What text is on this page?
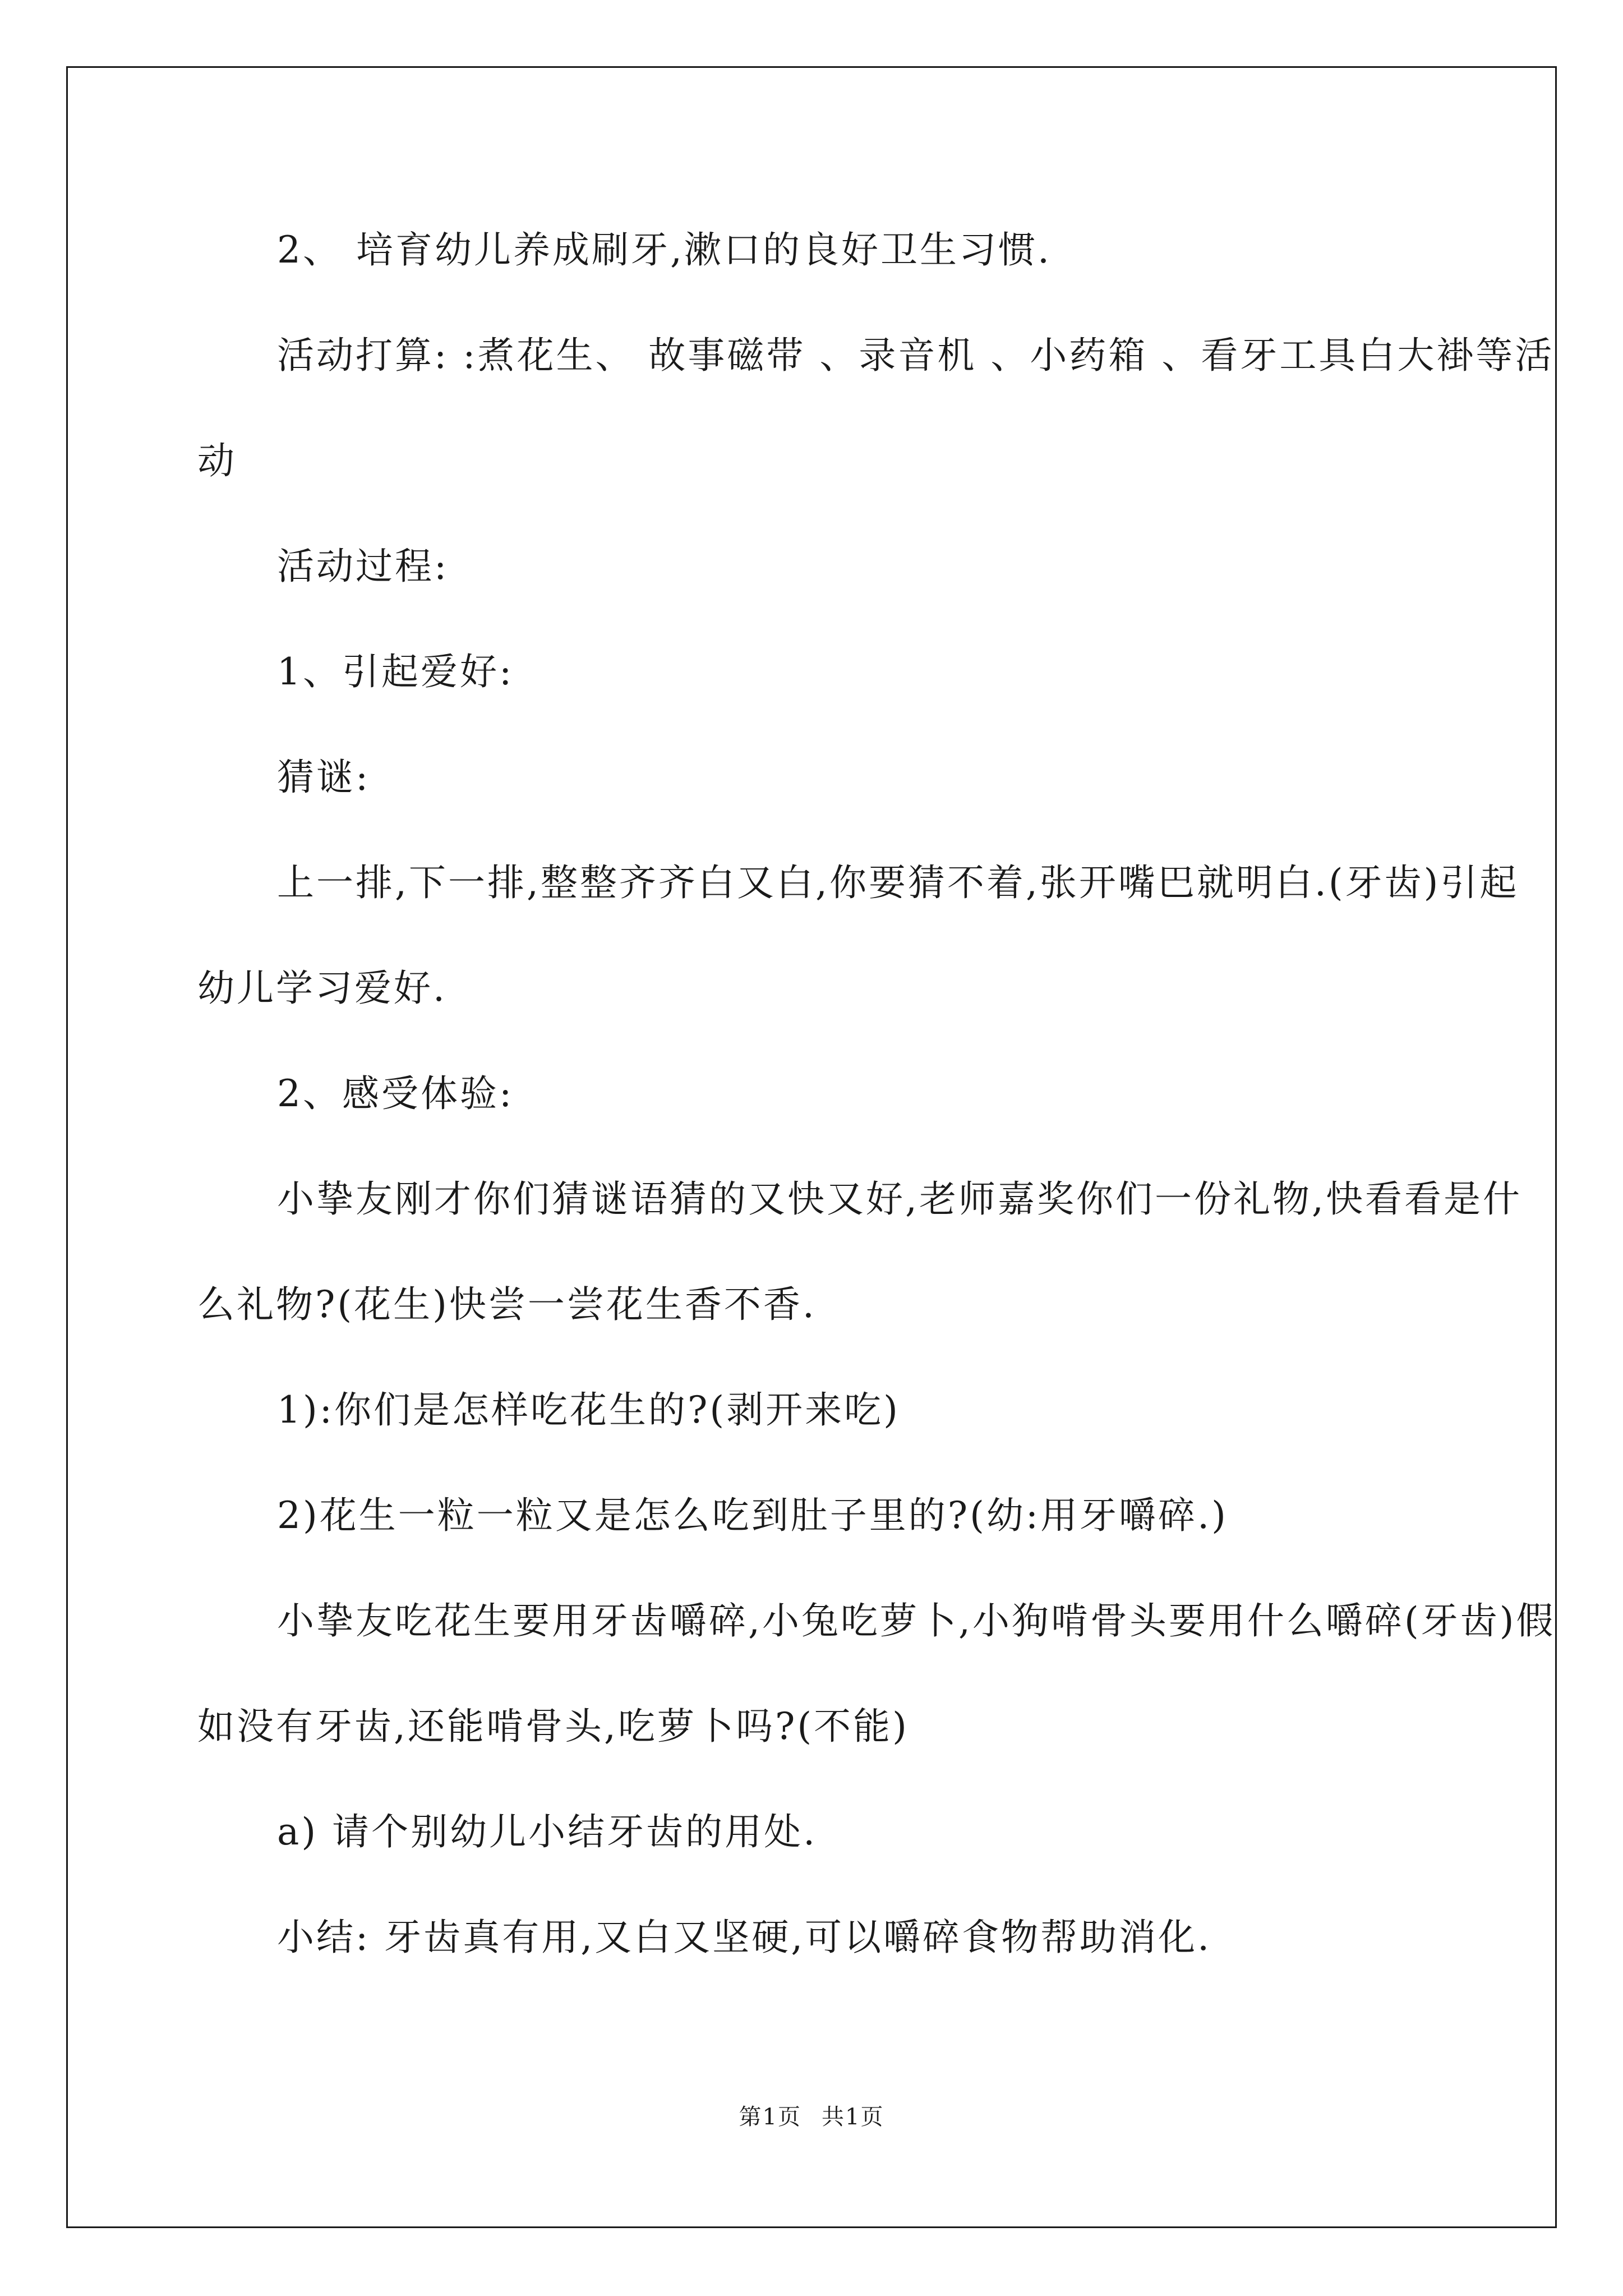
2、 培育幼儿养成刷牙,漱口的良好卫生习惯.

活动打算: :煮花生、 故事磁带 、录音机 、小药箱 、看牙工具白大褂等活动

活动过程:

1、引起爱好:

猜谜:

上一排,下一排,整整齐齐白又白,你要猜不着,张开嘴巴就明白.(牙齿)引起幼儿学习爱好.

2、感受体验:

小挚友刚才你们猜谜语猜的又快又好,老师嘉奖你们一份礼物,快看看是什么礼物?(花生)快尝一尝花生香不香.

1):你们是怎样吃花生的?(剥开来吃)

2)花生一粒一粒又是怎么吃到肚子里的?(幼:用牙嚼碎.)

小挚友吃花生要用牙齿嚼碎,小兔吃萝卜,小狗啃骨头要用什么嚼碎(牙齿)假如没有牙齿,还能啃骨头,吃萝卜吗?(不能)

a) 请个别幼儿小结牙齿的用处.

小结: 牙齿真有用,又白又坚硬,可以嚼碎食物帮助消化.

第1页 共1页
